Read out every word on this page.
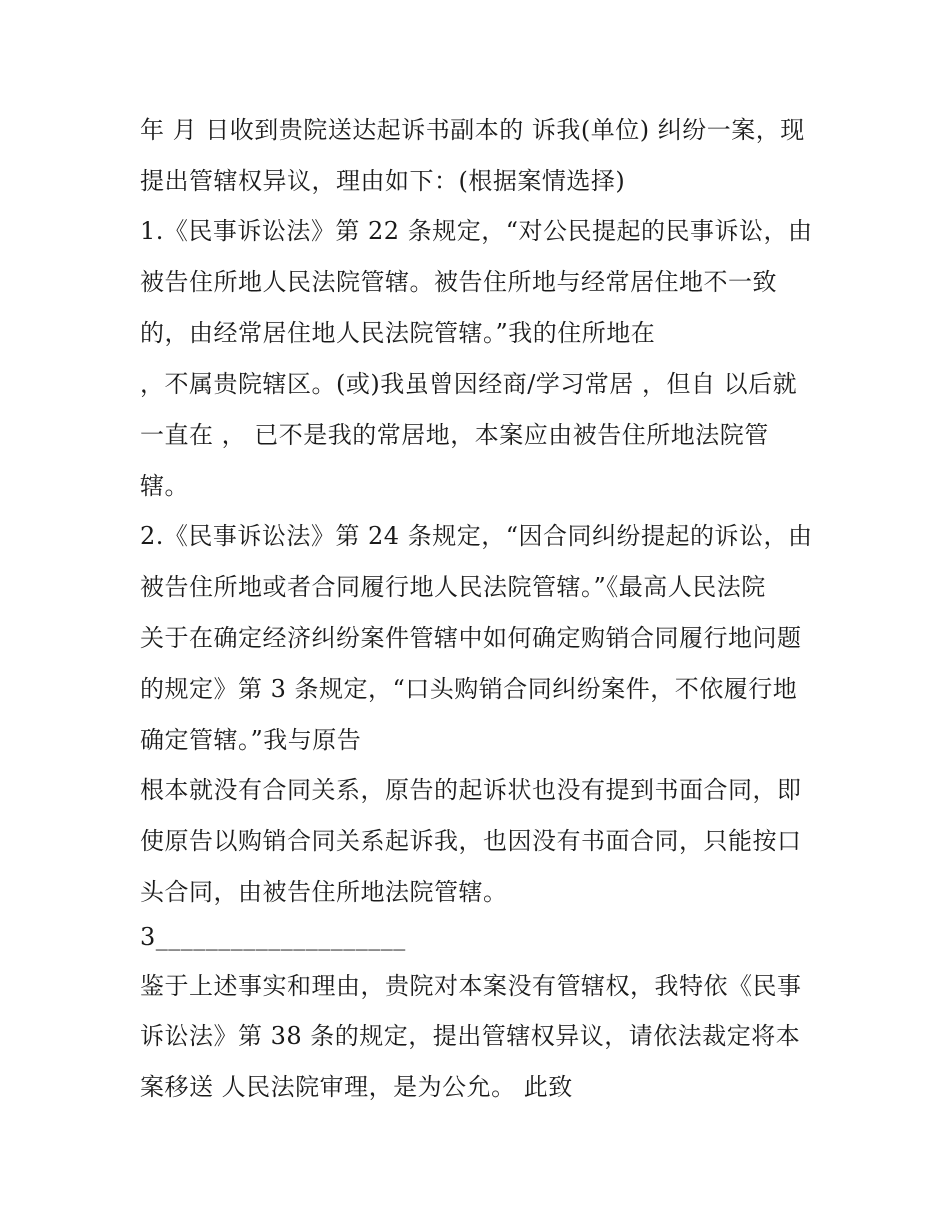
年 月 日收到贵院送达起诉书副本的 诉我(单位) 纠纷一案，现
提出管辖权异议，理由如下：(根据案情选择)
1.《民事诉讼法》第 22 条规定，“对公民提起的民事诉讼，由
被告住所地人民法院管辖。被告住所地与经常居住地不一致
的，由经常居住地人民法院管辖。”我的住所地在
，不属贵院辖区。(或)我虽曾因经商/学习常居 ，但自 以后就
一直在 ， 已不是我的常居地，本案应由被告住所地法院管
辖。
2.《民事诉讼法》第 24 条规定，“因合同纠纷提起的诉讼，由
被告住所地或者合同履行地人民法院管辖。”《最高人民法院
关于在确定经济纠纷案件管辖中如何确定购销合同履行地问题
的规定》第 3 条规定，“口头购销合同纠纷案件，不依履行地
确定管辖。”我与原告
根本就没有合同关系，原告的起诉状也没有提到书面合同，即
使原告以购销合同关系起诉我，也因没有书面合同，只能按口
头合同，由被告住所地法院管辖。
3____________________
鉴于上述事实和理由，贵院对本案没有管辖权，我特依《民事
诉讼法》第 38 条的规定，提出管辖权异议，请依法裁定将本
案移送 人民法院审理，是为公允。 此致
